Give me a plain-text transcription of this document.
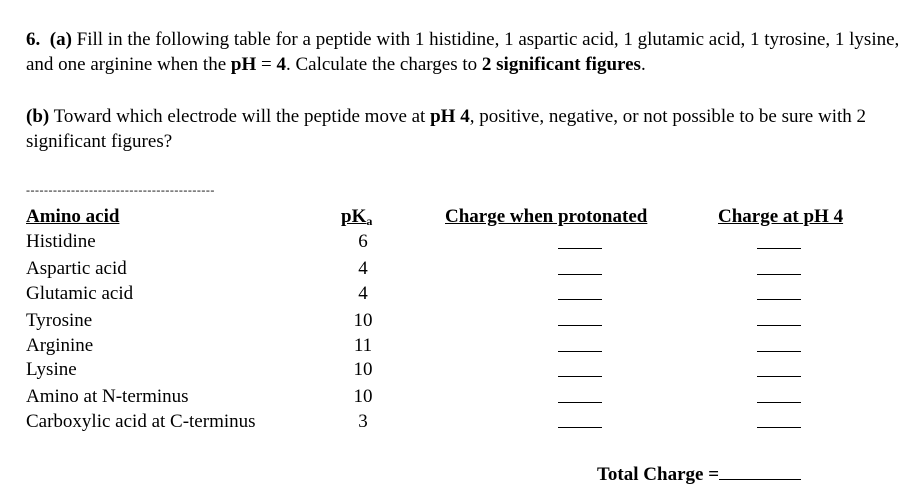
6. (a) Fill in the following table for a peptide with 1 histidine, 1 aspartic acid, 1 glutamic acid, 1 tyrosine, 1 lysine, and one arginine when the pH = 4. Calculate the charges to 2 significant figures.
(b) Toward which electrode will the peptide move at pH 4, positive, negative, or not possible to be sure with 2 significant figures?
------------------------------------------
Amino acid	pKa	Charge when protonated	Charge at pH 4
Histidine	6
Aspartic acid	4
Glutamic acid	4
Tyrosine	10
Arginine	11
Lysine	10
Amino at N-terminus	10
Carboxylic acid at C-terminus	3
Total Charge =
